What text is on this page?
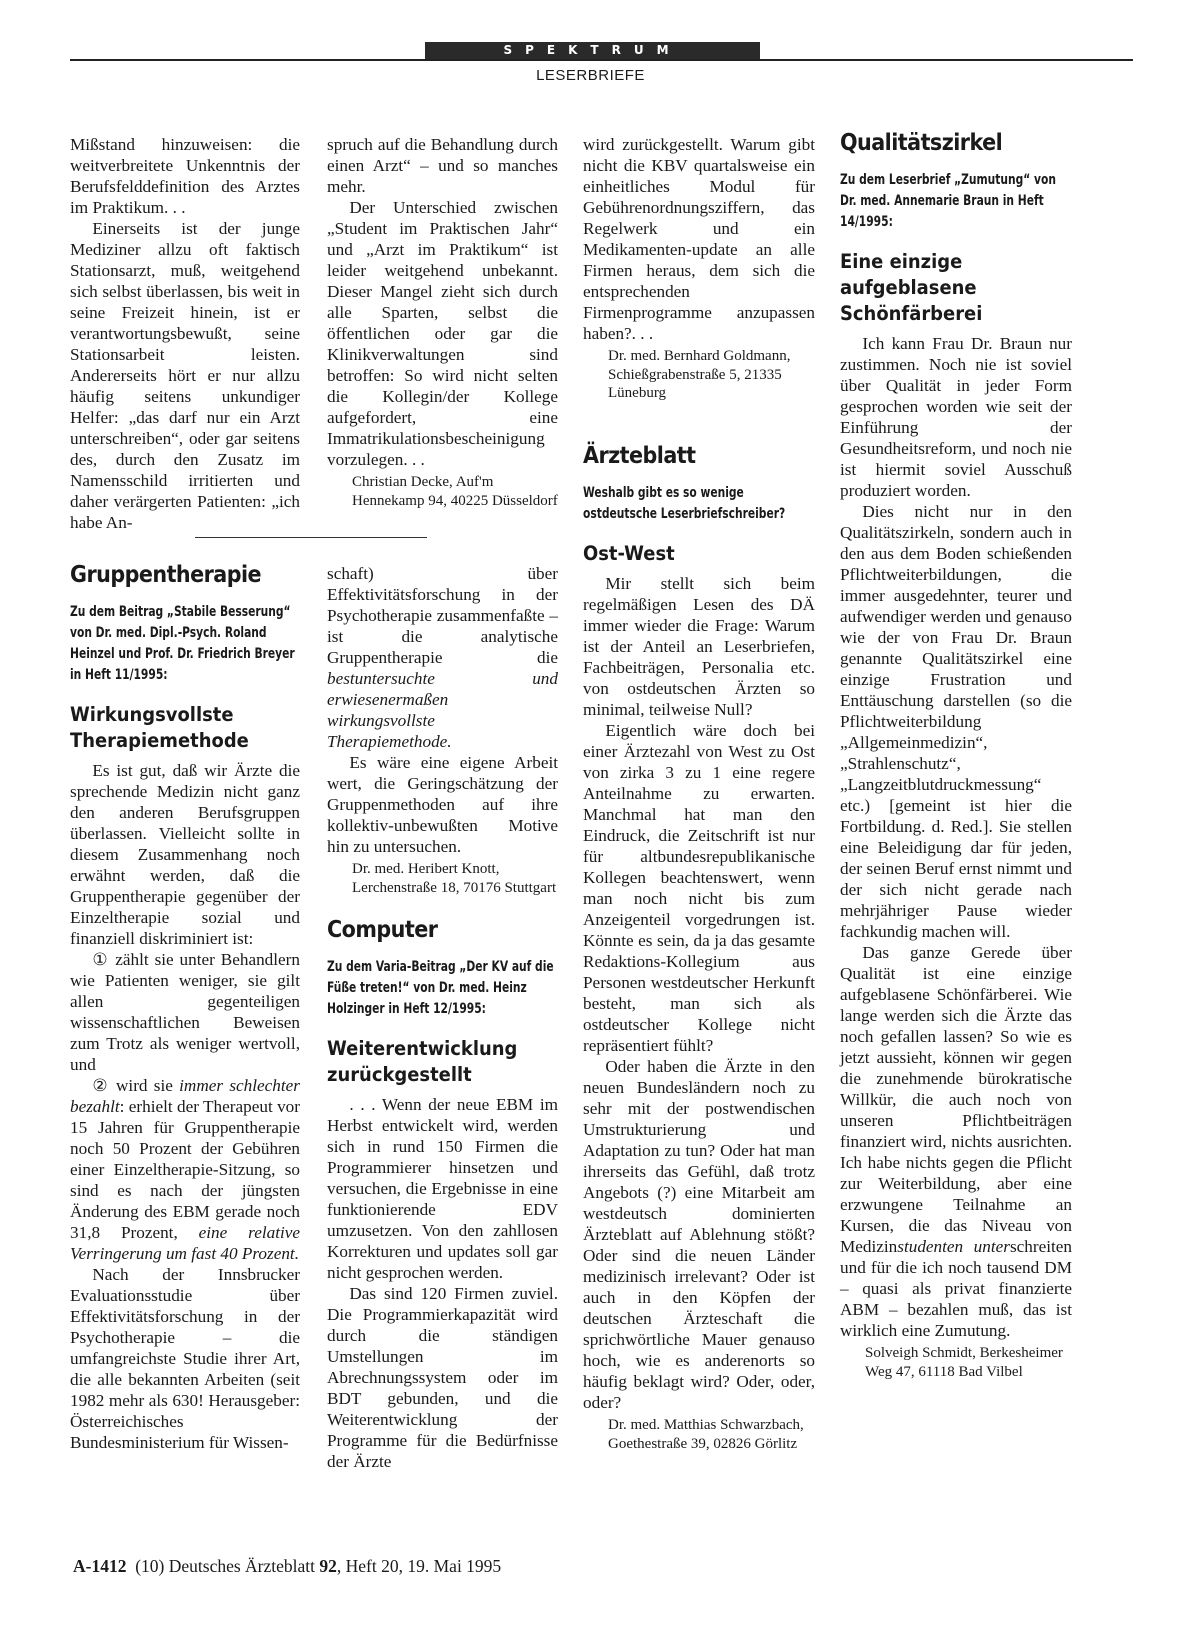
SPEKTRUM
LESERBRIEFE

Mißstand hinzuweisen: die weitverbreitete Unkenntnis der Berufsfelddefinition des Arztes im Praktikum. . .

Einerseits ist der junge Mediziner allzu oft faktisch Stationsarzt, muß, weitgehend sich selbst überlassen, bis weit in seine Freizeit hinein, ist er verantwortungsbewußt, seine Stationsarbeit leisten. Andererseits hört er nur allzu häufig seitens unkundiger Helfer: „das darf nur ein Arzt unterschreiben“, oder gar seitens des, durch den Zusatz im Namensschild irritierten und daher verärgerten Patienten: „ich habe An-

spruch auf die Behandlung durch einen Arzt“ – und so manches mehr.

Der Unterschied zwischen „Student im Praktischen Jahr“ und „Arzt im Praktikum“ ist leider weitgehend unbekannt. Dieser Mangel zieht sich durch alle Sparten, selbst die öffentlichen oder gar die Klinikverwaltungen sind betroffen: So wird nicht selten die Kollegin/der Kollege aufgefordert, eine Immatrikulationsbescheinigung vorzulegen. . .

Christian Decke, Auf'm Hennekamp 94, 40225 Düsseldorf

wird zurückgestellt. Warum gibt nicht die KBV quartalsweise ein einheitliches Modul für Gebührenordnungsziffern, das Regelwerk und ein Medikamenten-update an alle Firmen heraus, dem sich die entsprechenden Firmenprogramme anzupassen haben?. . .

Dr. med. Bernhard Goldmann, Schießgrabenstraße 5, 21335 Lüneburg

Ärzteblatt
Weshalb gibt es so wenige ostdeutsche Leserbriefschreiber?
Ost-West

Mir stellt sich beim regelmäßigen Lesen des DÄ immer wieder die Frage: Warum ist der Anteil an Leserbriefen, Fachbeiträgen, Personalia etc. von ostdeutschen Ärzten so minimal, teilweise Null?

Eigentlich wäre doch bei einer Ärztezahl von West zu Ost von zirka 3 zu 1 eine regere Anteilnahme zu erwarten. Manchmal hat man den Eindruck, die Zeitschrift ist nur für altbundesrepublikanische Kollegen beachtenswert, wenn man noch nicht bis zum Anzeigenteil vorgedrungen ist. Könnte es sein, da ja das gesamte Redaktions-Kollegium aus Personen westdeutscher Herkunft besteht, man sich als ostdeutscher Kollege nicht repräsentiert fühlt?

Oder haben die Ärzte in den neuen Bundesländern noch zu sehr mit der postwendischen Umstrukturierung und Adaptation zu tun? Oder hat man ihrerseits das Gefühl, daß trotz Angebots (?) eine Mitarbeit am westdeutsch dominierten Ärzteblatt auf Ablehnung stößt? Oder sind die neuen Länder medizinisch irrelevant? Oder ist auch in den Köpfen der deutschen Ärzteschaft die sprichwörtliche Mauer genauso hoch, wie es anderenorts so häufig beklagt wird? Oder, oder, oder?

Dr. med. Matthias Schwarzbach, Goethestraße 39, 02826 Görlitz

Qualitätszirkel
Zu dem Leserbrief „Zumutung“ von Dr. med. Annemarie Braun in Heft 14/1995:
Eine einzige aufgeblasene Schönfärberei

Ich kann Frau Dr. Braun nur zustimmen. Noch nie ist soviel über Qualität in jeder Form gesprochen worden wie seit der Einführung der Gesundheitsreform, und noch nie ist hiermit soviel Ausschuß produziert worden.

Dies nicht nur in den Qualitätszirkeln, sondern auch in den aus dem Boden schießenden Pflichtweiterbildungen, die immer ausgedehnter, teurer und aufwendiger werden und genauso wie der von Frau Dr. Braun genannte Qualitätszirkel eine einzige Frustration und Enttäuschung darstellen (so die Pflichtweiterbildung „Allgemeinmedizin“, „Strahlenschutz“, „Langzeitblutdruckmessung“ etc.) [gemeint ist hier die Fortbildung. d. Red.]. Sie stellen eine Beleidigung dar für jeden, der seinen Beruf ernst nimmt und der sich nicht gerade nach mehrjähriger Pause wieder fachkundig machen will.

Das ganze Gerede über Qualität ist eine einzige aufgeblasene Schönfärberei. Wie lange werden sich die Ärzte das noch gefallen lassen? So wie es jetzt aussieht, können wir gegen die zunehmende bürokratische Willkür, die auch noch von unseren Pflichtbeiträgen finanziert wird, nichts ausrichten. Ich habe nichts gegen die Pflicht zur Weiterbildung, aber eine erzwungene Teilnahme an Kursen, die das Niveau von Medizinstudenten unterschreiten und für die ich noch tausend DM – quasi als privat finanzierte ABM – bezahlen muß, das ist wirklich eine Zumutung.

Solveigh Schmidt, Berkesheimer Weg 47, 61118 Bad Vilbel

Gruppentherapie
Zu dem Beitrag „Stabile Besserung“ von Dr. med. Dipl.-Psych. Roland Heinzel und Prof. Dr. Friedrich Breyer in Heft 11/1995:
Wirkungsvollste Therapiemethode

Es ist gut, daß wir Ärzte die sprechende Medizin nicht ganz den anderen Berufsgruppen überlassen. Vielleicht sollte in diesem Zusammenhang noch erwähnt werden, daß die Gruppentherapie gegenüber der Einzeltherapie sozial und finanziell diskriminiert ist:

① zählt sie unter Behandlern wie Patienten weniger, sie gilt allen gegenteiligen wissenschaftlichen Beweisen zum Trotz als weniger wertvoll, und

② wird sie immer schlechter bezahlt: erhielt der Therapeut vor 15 Jahren für Gruppentherapie noch 50 Prozent der Gebühren einer Einzeltherapie-Sitzung, so sind es nach der jüngsten Änderung des EBM gerade noch 31,8 Prozent, eine relative Verringerung um fast 40 Prozent.

Nach der Innsbrucker Evaluationsstudie über Effektivitätsforschung in der Psychotherapie – die umfangreichste Studie ihrer Art, die alle bekannten Arbeiten (seit 1982 mehr als 630! Herausgeber: Österreichisches Bundesministerium für Wissen-

schaft) über Effektivitätsforschung in der Psychotherapie zusammenfaßte – ist die analytische Gruppentherapie die bestuntersuchte und erwiesenermaßen wirkungsvollste Therapiemethode.

Es wäre eine eigene Arbeit wert, die Geringschätzung der Gruppenmethoden auf ihre kollektiv-unbewußten Motive hin zu untersuchen.

Dr. med. Heribert Knott, Lerchenstraße 18, 70176 Stuttgart

Computer
Zu dem Varia-Beitrag „Der KV auf die Füße treten!“ von Dr. med. Heinz Holzinger in Heft 12/1995:
Weiterentwicklung zurückgestellt

. . . Wenn der neue EBM im Herbst entwickelt wird, werden sich in rund 150 Firmen die Programmierer hinsetzen und versuchen, die Ergebnisse in eine funktionierende EDV umzusetzen. Von den zahllosen Korrekturen und updates soll gar nicht gesprochen werden.

Das sind 120 Firmen zuviel. Die Programmierkapazität wird durch die ständigen Umstellungen im Abrechnungssystem oder im BDT gebunden, und die Weiterentwicklung der Programme für die Bedürfnisse der Ärzte

A-1412 (10) Deutsches Ärzteblatt 92, Heft 20, 19. Mai 1995
